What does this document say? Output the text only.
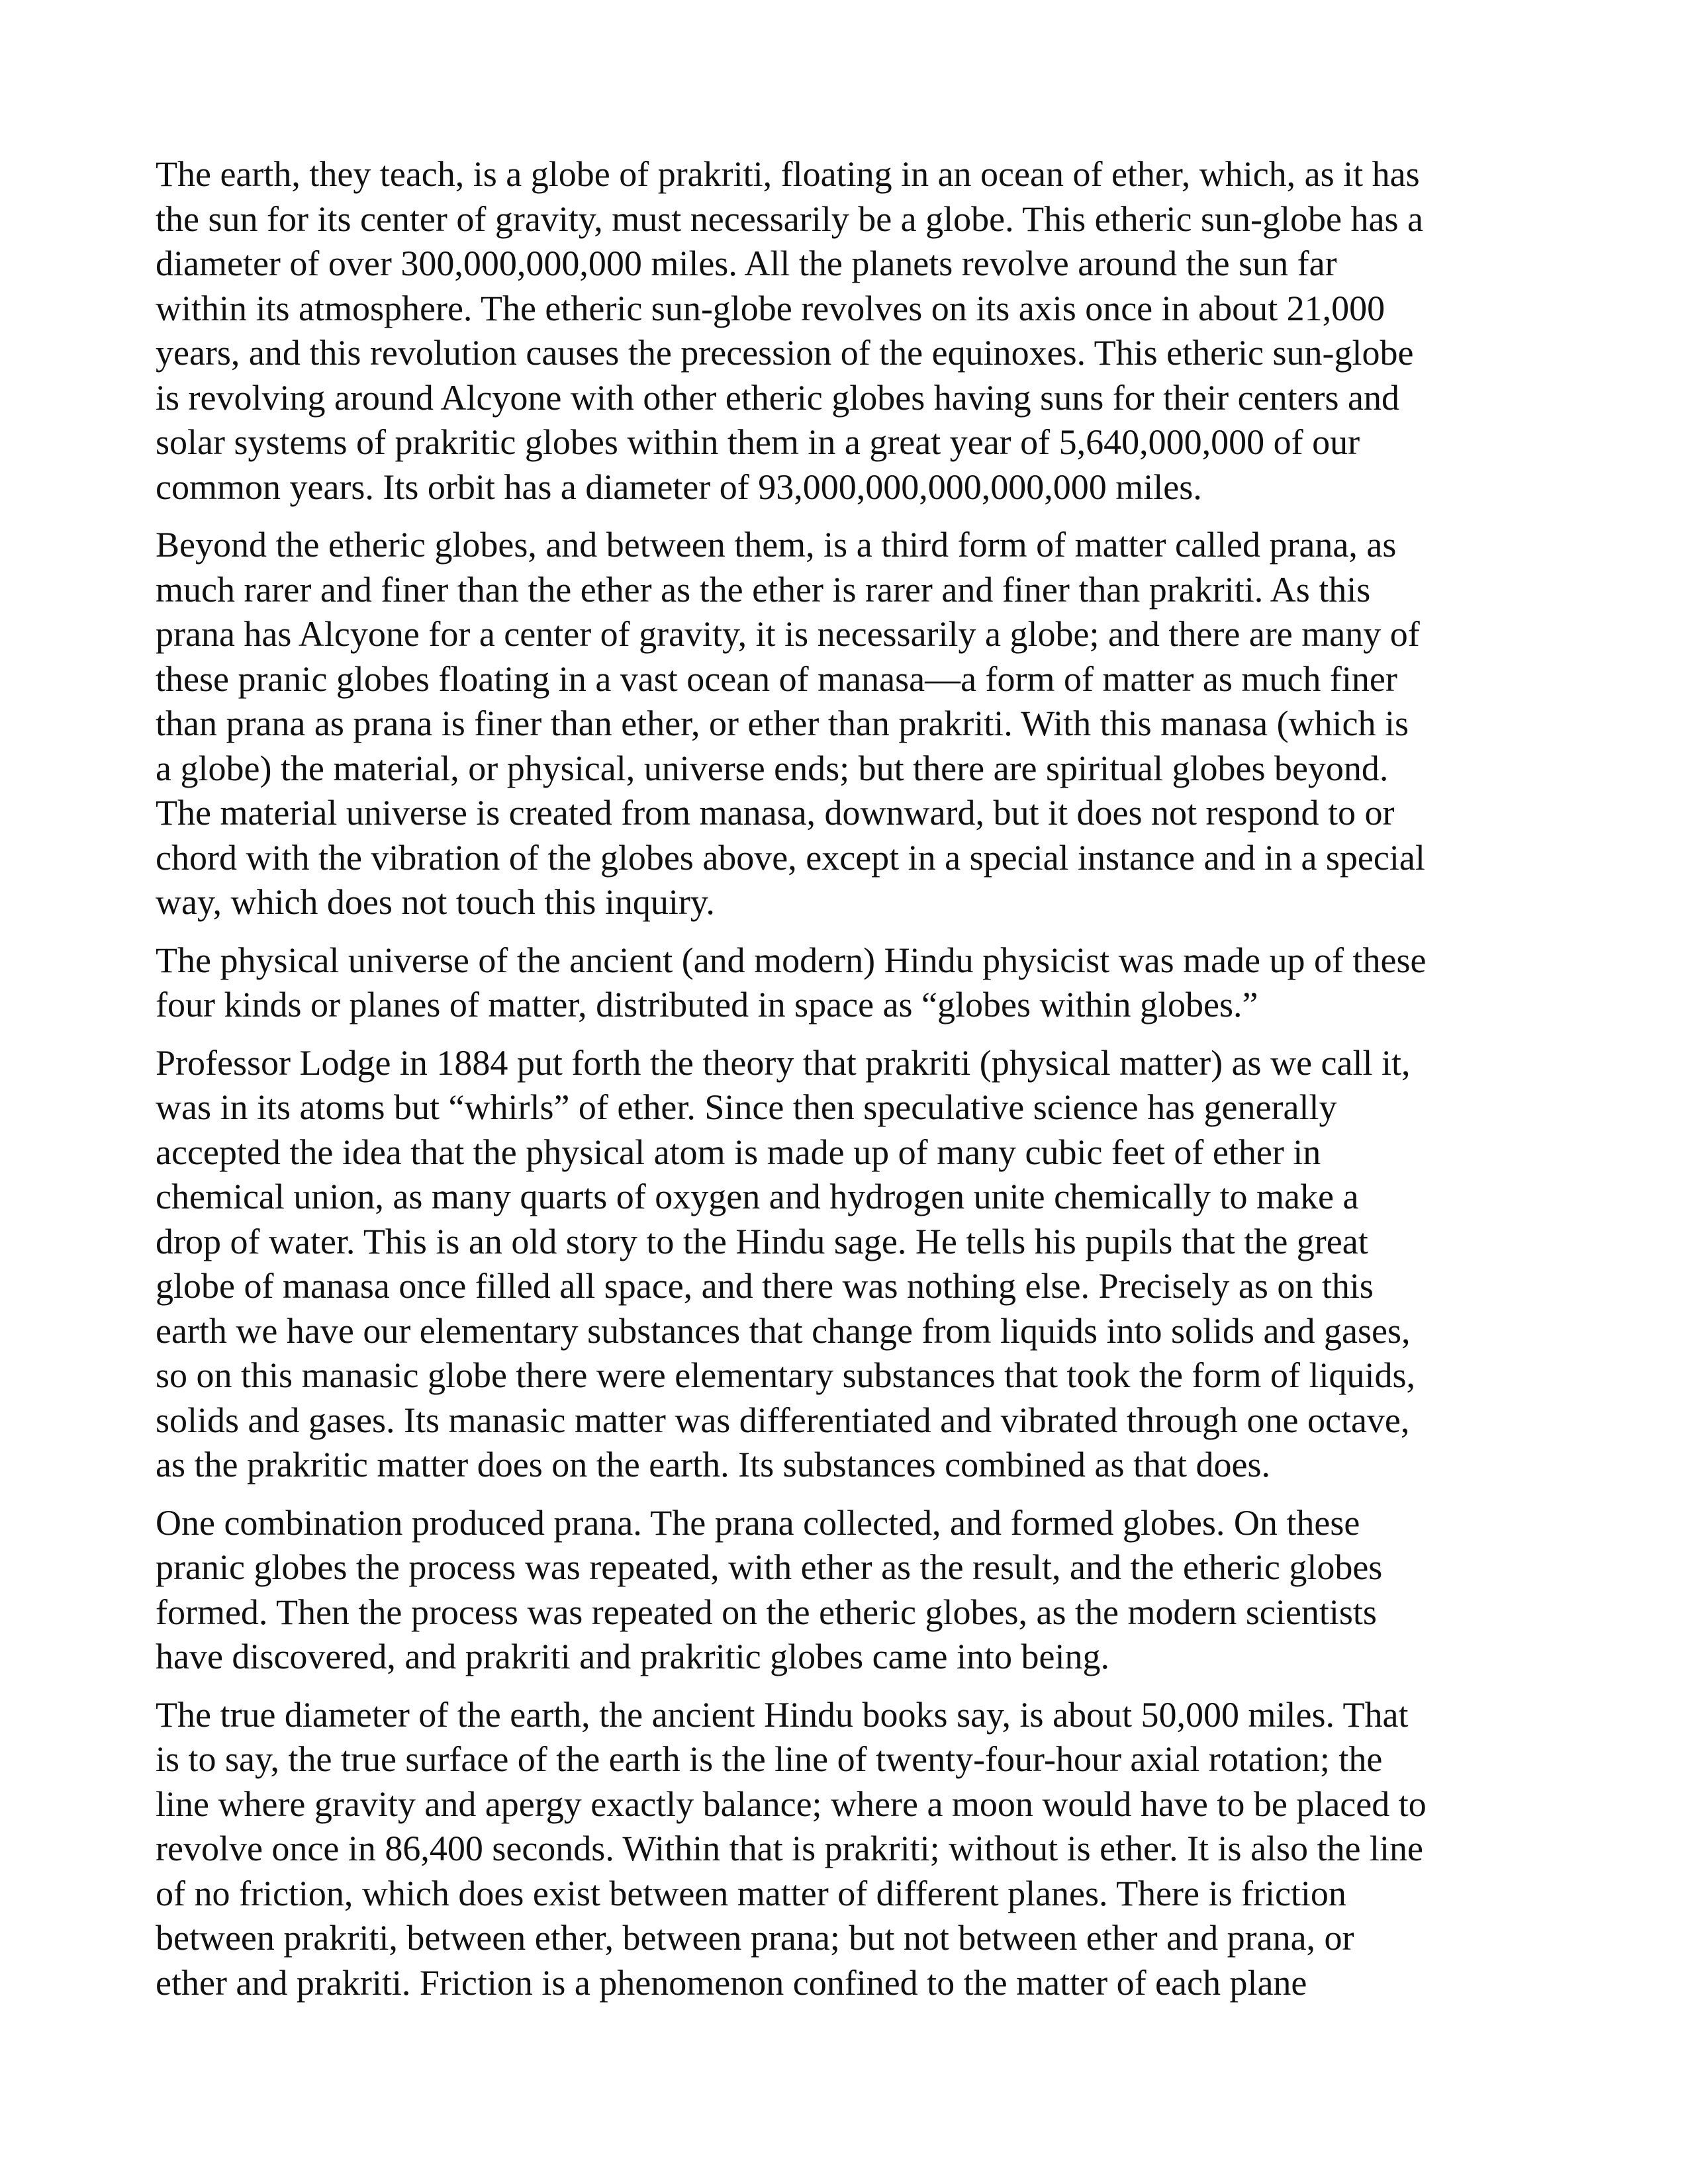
The earth, they teach, is a globe of prakriti, floating in an ocean of ether, which, as it has
the sun for its center of gravity, must necessarily be a globe. This etheric sun-globe has a
diameter of over 300,000,000,000 miles. All the planets revolve around the sun far
within its atmosphere. The etheric sun-globe revolves on its axis once in about 21,000
years, and this revolution causes the precession of the equinoxes. This etheric sun-globe
is revolving around Alcyone with other etheric globes having suns for their centers and
solar systems of prakritic globes within them in a great year of 5,640,000,000 of our
common years. Its orbit has a diameter of 93,000,000,000,000,000 miles.

Beyond the etheric globes, and between them, is a third form of matter called prana, as
much rarer and finer than the ether as the ether is rarer and finer than prakriti. As this
prana has Alcyone for a center of gravity, it is necessarily a globe; and there are many of
these pranic globes floating in a vast ocean of manasa—a form of matter as much finer
than prana as prana is finer than ether, or ether than prakriti. With this manasa (which is
a globe) the material, or physical, universe ends; but there are spiritual globes beyond.
The material universe is created from manasa, downward, but it does not respond to or
chord with the vibration of the globes above, except in a special instance and in a special
way, which does not touch this inquiry.

The physical universe of the ancient (and modern) Hindu physicist was made up of these
four kinds or planes of matter, distributed in space as “globes within globes.”

Professor Lodge in 1884 put forth the theory that prakriti (physical matter) as we call it,
was in its atoms but “whirls” of ether. Since then speculative science has generally
accepted the idea that the physical atom is made up of many cubic feet of ether in
chemical union, as many quarts of oxygen and hydrogen unite chemically to make a
drop of water. This is an old story to the Hindu sage. He tells his pupils that the great
globe of manasa once filled all space, and there was nothing else. Precisely as on this
earth we have our elementary substances that change from liquids into solids and gases,
so on this manasic globe there were elementary substances that took the form of liquids,
solids and gases. Its manasic matter was differentiated and vibrated through one octave,
as the prakritic matter does on the earth. Its substances combined as that does.

One combination produced prana. The prana collected, and formed globes. On these
pranic globes the process was repeated, with ether as the result, and the etheric globes
formed. Then the process was repeated on the etheric globes, as the modern scientists
have discovered, and prakriti and prakritic globes came into being.

The true diameter of the earth, the ancient Hindu books say, is about 50,000 miles. That
is to say, the true surface of the earth is the line of twenty-four-hour axial rotation; the
line where gravity and apergy exactly balance; where a moon would have to be placed to
revolve once in 86,400 seconds. Within that is prakriti; without is ether. It is also the line
of no friction, which does exist between matter of different planes. There is friction
between prakriti, between ether, between prana; but not between ether and prana, or
ether and prakriti. Friction is a phenomenon confined to the matter of each plane
